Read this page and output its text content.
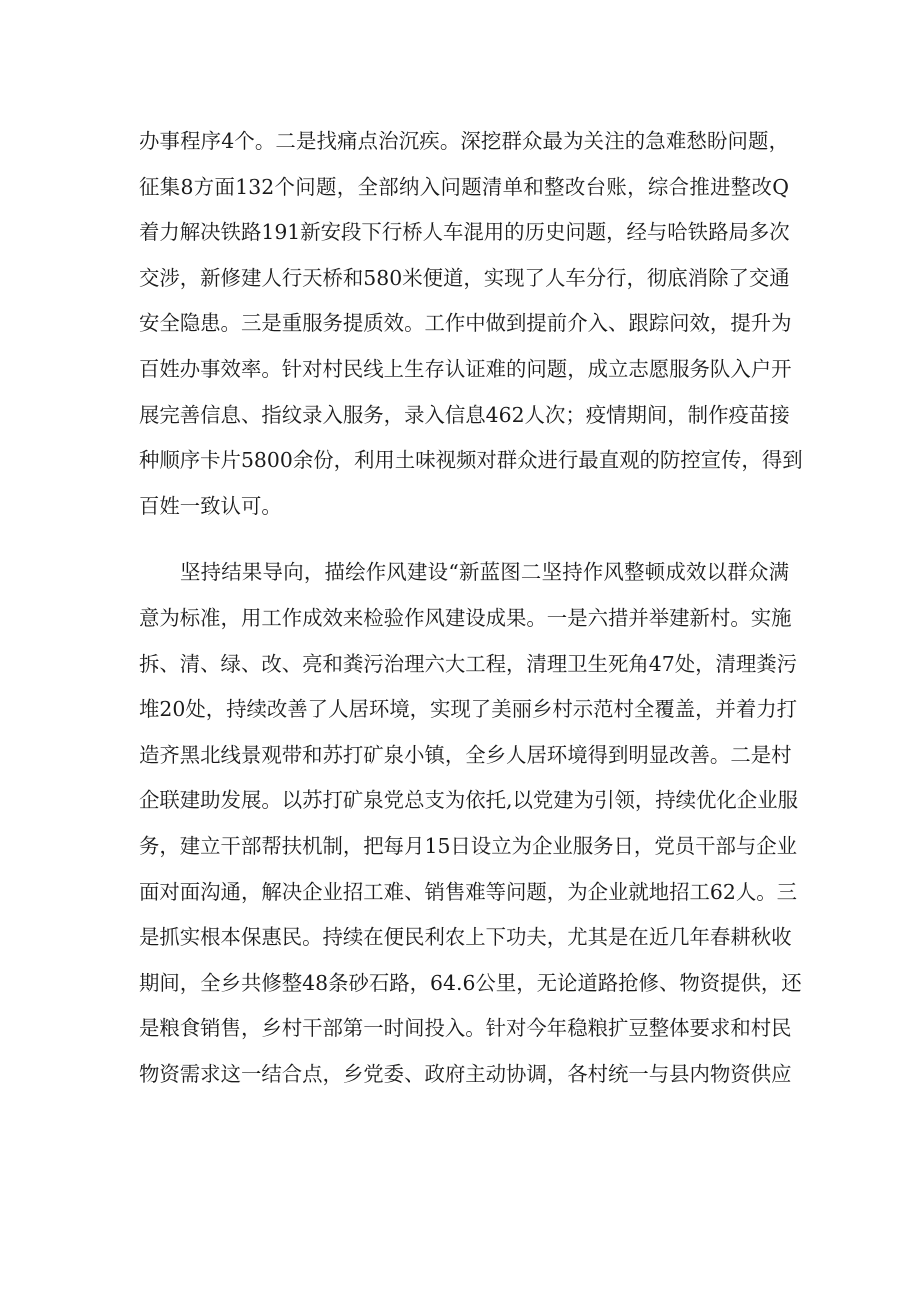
办事程序4个。二是找痛点治沉疾。深挖群众最为关注的急难愁盼问题，
征集8方面132个问题，全部纳入问题清单和整改台账，综合推进整改Q
着力解决铁路191新安段下行桥人车混用的历史问题，经与哈铁路局多次
交涉，新修建人行天桥和580米便道，实现了人车分行，彻底消除了交通
安全隐患。三是重服务提质效。工作中做到提前介入、跟踪问效，提升为
百姓办事效率。针对村民线上生存认证难的问题，成立志愿服务队入户开
展完善信息、指纹录入服务，录入信息462人次；疫情期间，制作疫苗接
种顺序卡片5800余份，利用土味视频对群众进行最直观的防控宣传，得到
百姓一致认可。
坚持结果导向，描绘作风建设“新蓝图二坚持作风整顿成效以群众满
意为标准，用工作成效来检验作风建设成果。一是六措并举建新村。实施
拆、清、绿、改、亮和粪污治理六大工程，清理卫生死角47处，清理粪污
堆20处，持续改善了人居环境，实现了美丽乡村示范村全覆盖，并着力打
造齐黑北线景观带和苏打矿泉小镇，全乡人居环境得到明显改善。二是村
企联建助发展。以苏打矿泉党总支为依托,以党建为引领，持续优化企业服
务，建立干部帮扶机制，把每月15日设立为企业服务日，党员干部与企业
面对面沟通，解决企业招工难、销售难等问题，为企业就地招工62人。三
是抓实根本保惠民。持续在便民利农上下功夫，尤其是在近几年春耕秋收
期间，全乡共修整48条砂石路，64.6公里，无论道路抢修、物资提供，还
是粮食销售，乡村干部第一时间投入。针对今年稳粮扩豆整体要求和村民
物资需求这一结合点，乡党委、政府主动协调，各村统一与县内物资供应
